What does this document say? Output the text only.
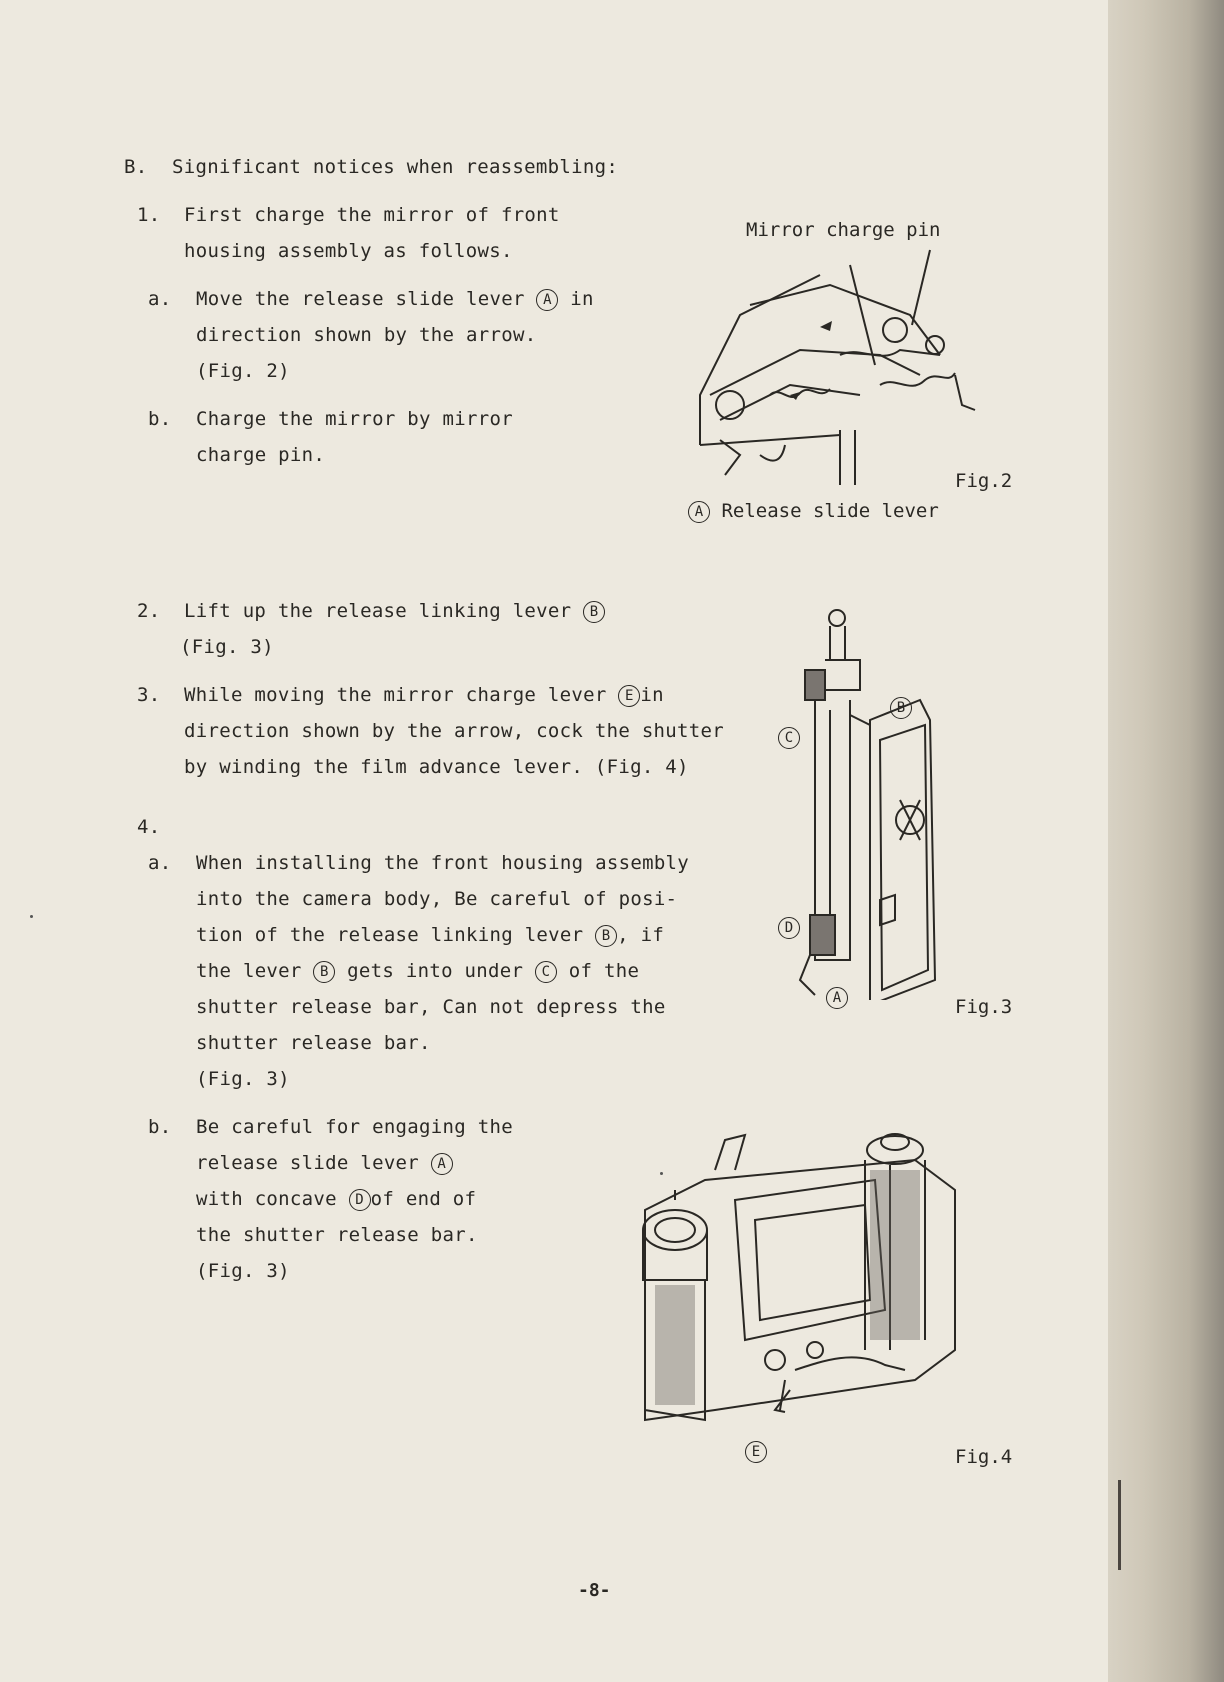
B. Significant notices when reassembling:
1. First charge the mirror of front
housing assembly as follows.
a. Move the release slide lever A in
direction shown by the arrow.
(Fig. 2)
b. Charge the mirror by mirror
charge pin.
2. Lift up the release linking lever B
(Fig. 3)
3. While moving the mirror charge lever E in
direction shown by the arrow, cock the shutter
by winding the film advance lever. (Fig. 4)
4.
a. When installing the front housing assembly
into the camera body, Be careful of posi-
tion of the release linking lever B , if
the lever B gets into under C of the
shutter release bar, Can not depress the
shutter release bar.
(Fig. 3)
b. Be careful for engaging the
release slide lever A
with concave D of end of
the shutter release bar.
(Fig. 3)
Mirror charge pin
A Release slide lever
Fig.2
B
C
D
A	Fig.3
E	Fig.4
-8-
